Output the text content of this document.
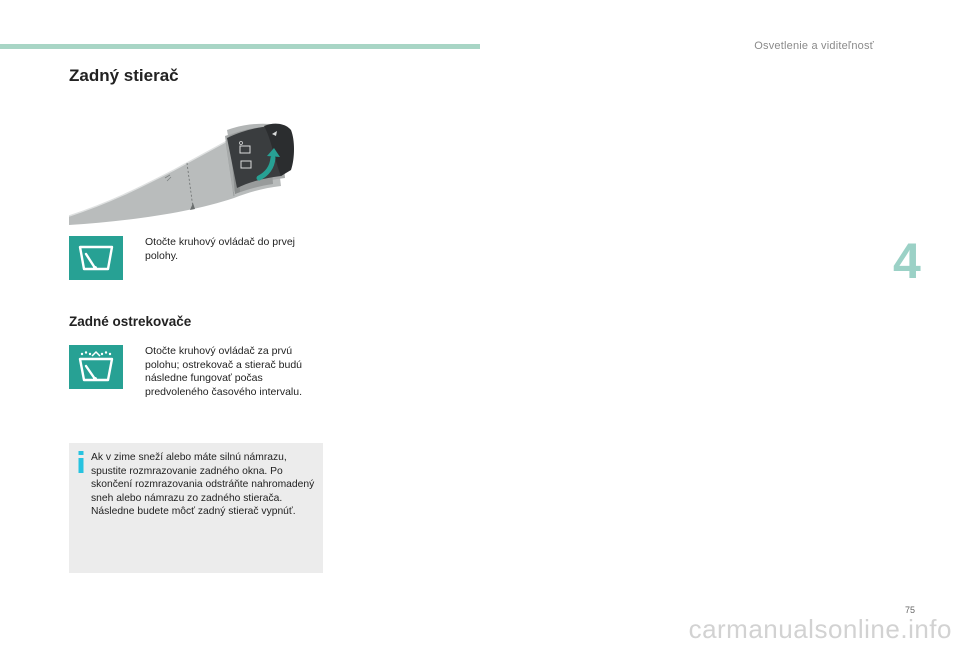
Osvetlenie a viditeľnosť
4
Zadný stierač
Otočte kruhový ovládač do prvej polohy.
Zadné ostrekovače
Otočte kruhový ovládač za prvú polohu; ostrekovač a stierač budú následne fungovať počas predvoleného časového intervalu.
Ak v zime sneží alebo máte silnú námrazu, spustite rozmrazovanie zadného okna. Po skončení rozmrazovania odstráňte nahromadený sneh alebo námrazu zo zadného stierača. Následne budete môcť zadný stierač vypnúť.
75
carmanualsonline.info
